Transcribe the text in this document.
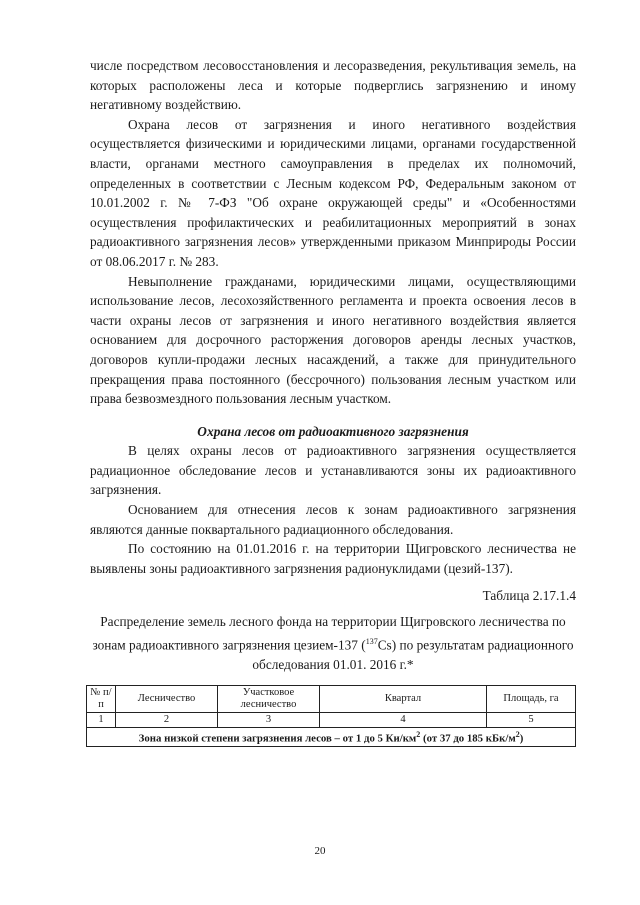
числе посредством лесовосстановления и лесоразведения, рекультивация земель, на которых расположены леса и которые подверглись загрязнению и иному негативному воздействию.

Охрана лесов от загрязнения и иного негативного воздействия осуществляется физическими и юридическими лицами, органами государственной власти, органами местного самоуправления в пределах их полномочий, определенных в соответствии с Лесным кодексом РФ, Федеральным законом от 10.01.2002 г. № 7-ФЗ "Об охране окружающей среды" и «Особенностями осуществления профилактических и реабилитационных мероприятий в зонах радиоактивного загрязнения лесов» утвержденными приказом Минприроды России от 08.06.2017 г. № 283.

Невыполнение гражданами, юридическими лицами, осуществляющими использование лесов, лесохозяйственного регламента и проекта освоения лесов в части охраны лесов от загрязнения и иного негативного воздействия является основанием для досрочного расторжения договоров аренды лесных участков, договоров купли-продажи лесных насаждений, а также для принудительного прекращения права постоянного (бессрочного) пользования лесным участком или права безвозмездного пользования лесным участком.

Охрана лесов от радиоактивного загрязнения

В целях охраны лесов от радиоактивного загрязнения осуществляется радиационное обследование лесов и устанавливаются зоны их радиоактивного загрязнения.

Основанием для отнесения лесов к зонам радиоактивного загрязнения являются данные поквартального радиационного обследования.

По состоянию на 01.01.2016 г. на территории Щигровского лесничества не выявлены зоны радиоактивного загрязнения радионуклидами (цезий-137).

Таблица 2.17.1.4
Распределение земель лесного фонда на территории Щигровского лесничества по зонам радиоактивного загрязнения цезием-137 ($^{137}$Cs) по результатам радиационного обследования 01.01. 2016 г.*
№ п/п	Лесничество	Участковое лесничество	Квартал	Площадь, га
1	2	3	4	5
Зона низкой степени загрязнения лесов – от 1 до 5 $Ки/км^2$ (от 37 до 185 кБк/$м^2$)				
20
